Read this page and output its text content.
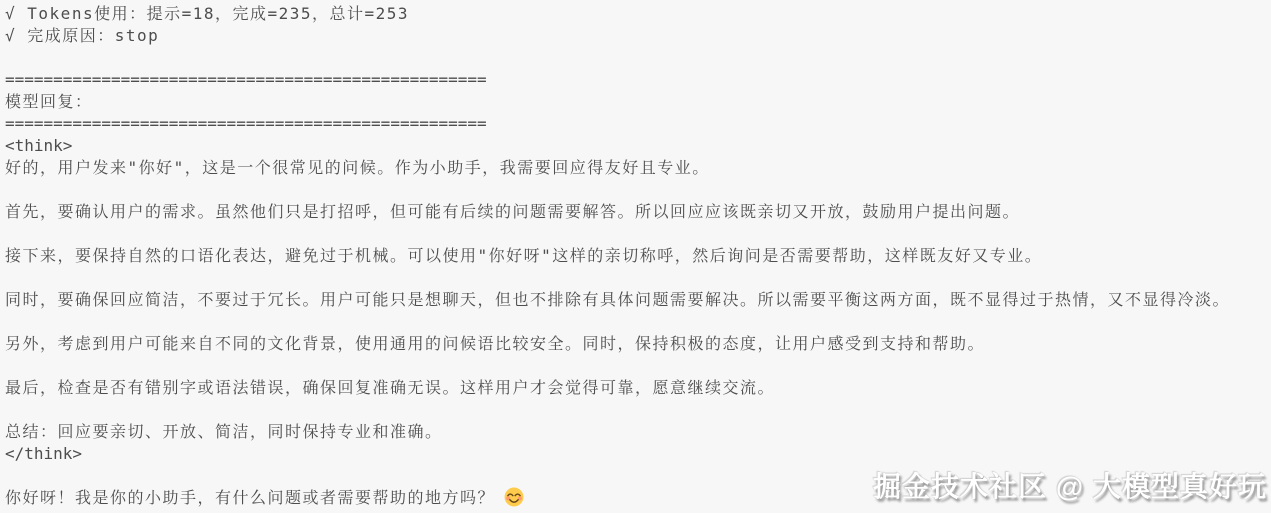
√ Tokens使用：提示=18，完成=235，总计=253
√ 完成原因：stop
==================================================
模型回复：
==================================================
<think>
好的，用户发来"你好"，这是一个很常见的问候。作为小助手，我需要回应得友好且专业。
首先，要确认用户的需求。虽然他们只是打招呼，但可能有后续的问题需要解答。所以回应应该既亲切又开放，鼓励用户提出问题。
接下来，要保持自然的口语化表达，避免过于机械。可以使用"你好呀"这样的亲切称呼，然后询问是否需要帮助，这样既友好又专业。
同时，要确保回应简洁，不要过于冗长。用户可能只是想聊天，但也不排除有具体问题需要解决。所以需要平衡这两方面，既不显得过于热情，又不显得冷淡。
另外，考虑到用户可能来自不同的文化背景，使用通用的问候语比较安全。同时，保持积极的态度，让用户感受到支持和帮助。
最后，检查是否有错别字或语法错误，确保回复准确无误。这样用户才会觉得可靠，愿意继续交流。
总结：回应要亲切、开放、简洁，同时保持专业和准确。
</think>
你好呀！我是你的小助手，有什么问题或者需要帮助的地方吗？	掘金技术社区 @ 大模型真好玩
